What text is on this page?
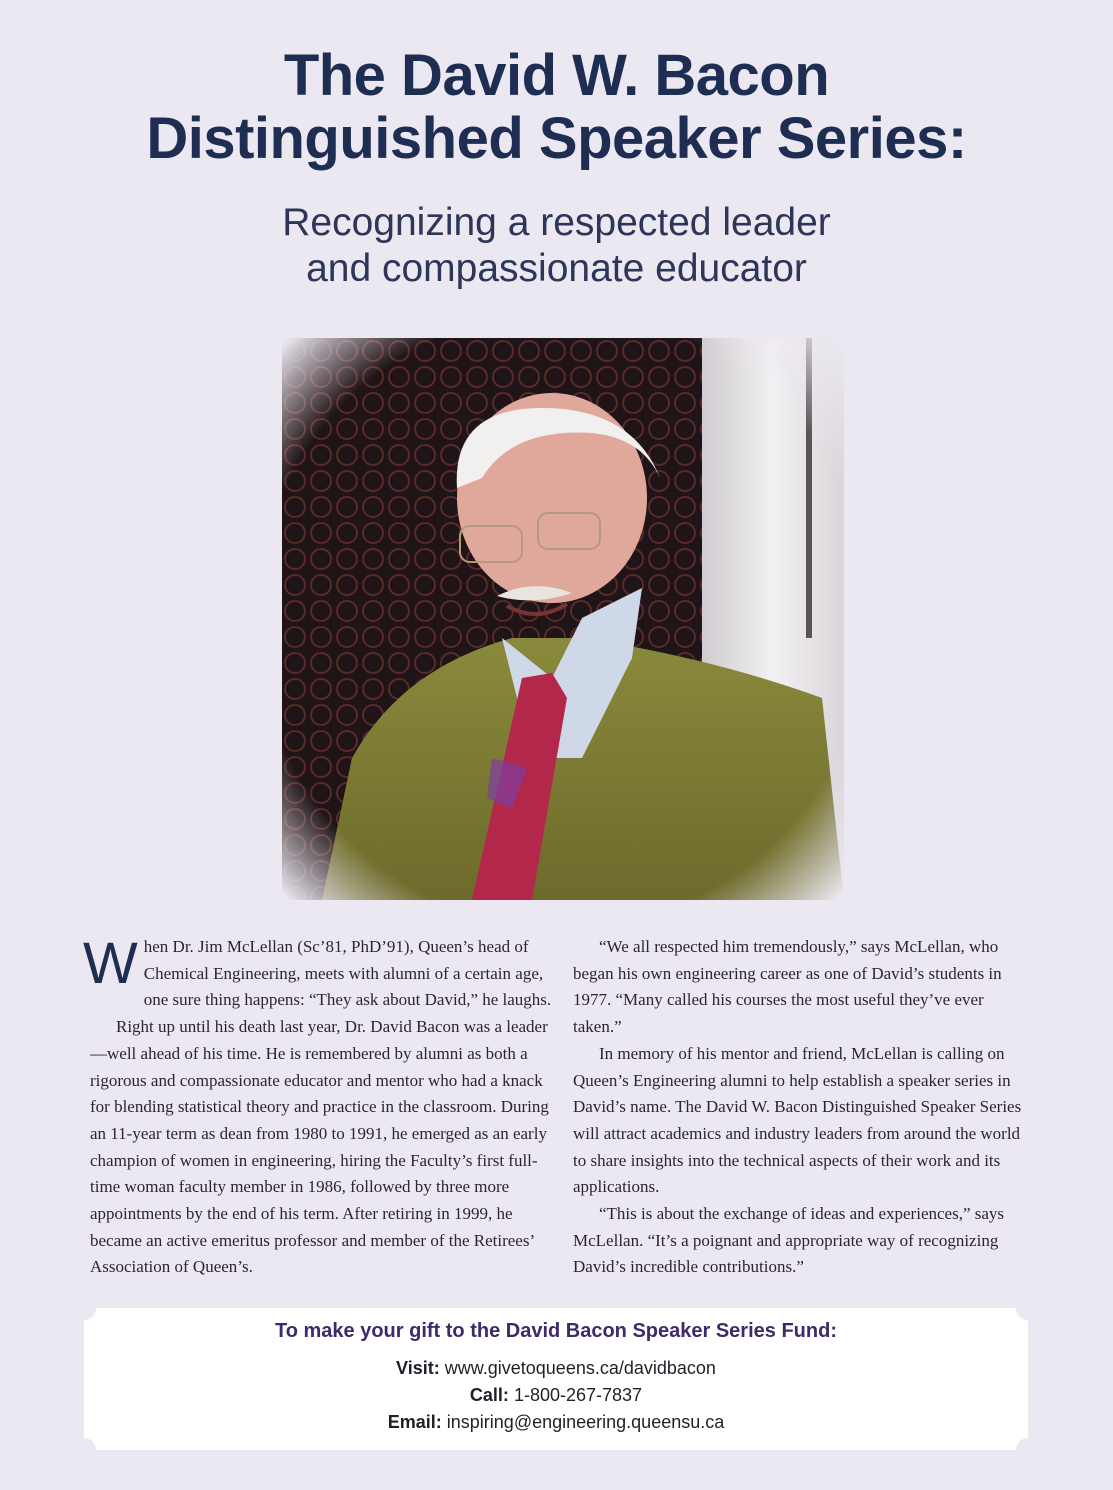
The David W. Bacon
Distinguished Speaker Series:
Recognizing a respected leader
and compassionate educator

When Dr. Jim McLellan (Sc’81, PhD’91), Queen’s head of Chemical Engineering, meets with alumni of a certain age, one sure thing happens: “They ask about David,” he laughs.

Right up until his death last year, Dr. David Bacon was a leader—well ahead of his time. He is remembered by alumni as both a rigorous and compassionate educator and mentor who had a knack for blending statistical theory and practice in the classroom. During an 11-year term as dean from 1980 to 1991, he emerged as an early champion of women in engineering, hiring the Faculty’s first full-time woman faculty member in 1986, followed by three more appointments by the end of his term. After retiring in 1999, he became an active emeritus professor and member of the Retirees’ Association of Queen’s.

“We all respected him tremendously,” says McLellan, who began his own engineering career as one of David’s students in 1977. “Many called his courses the most useful they’ve ever taken.”

In memory of his mentor and friend, McLellan is calling on Queen’s Engineering alumni to help establish a speaker series in David’s name. The David W. Bacon Distinguished Speaker Series will attract academics and industry leaders from around the world to share insights into the technical aspects of their work and its applications.

“This is about the exchange of ideas and experiences,” says McLellan. “It’s a poignant and appropriate way of recognizing David’s incredible contributions.”

To make your gift to the David Bacon Speaker Series Fund:
Visit: www.givetoqueens.ca/davidbacon
Call: 1-800-267-7837
Email: inspiring@engineering.queensu.ca
